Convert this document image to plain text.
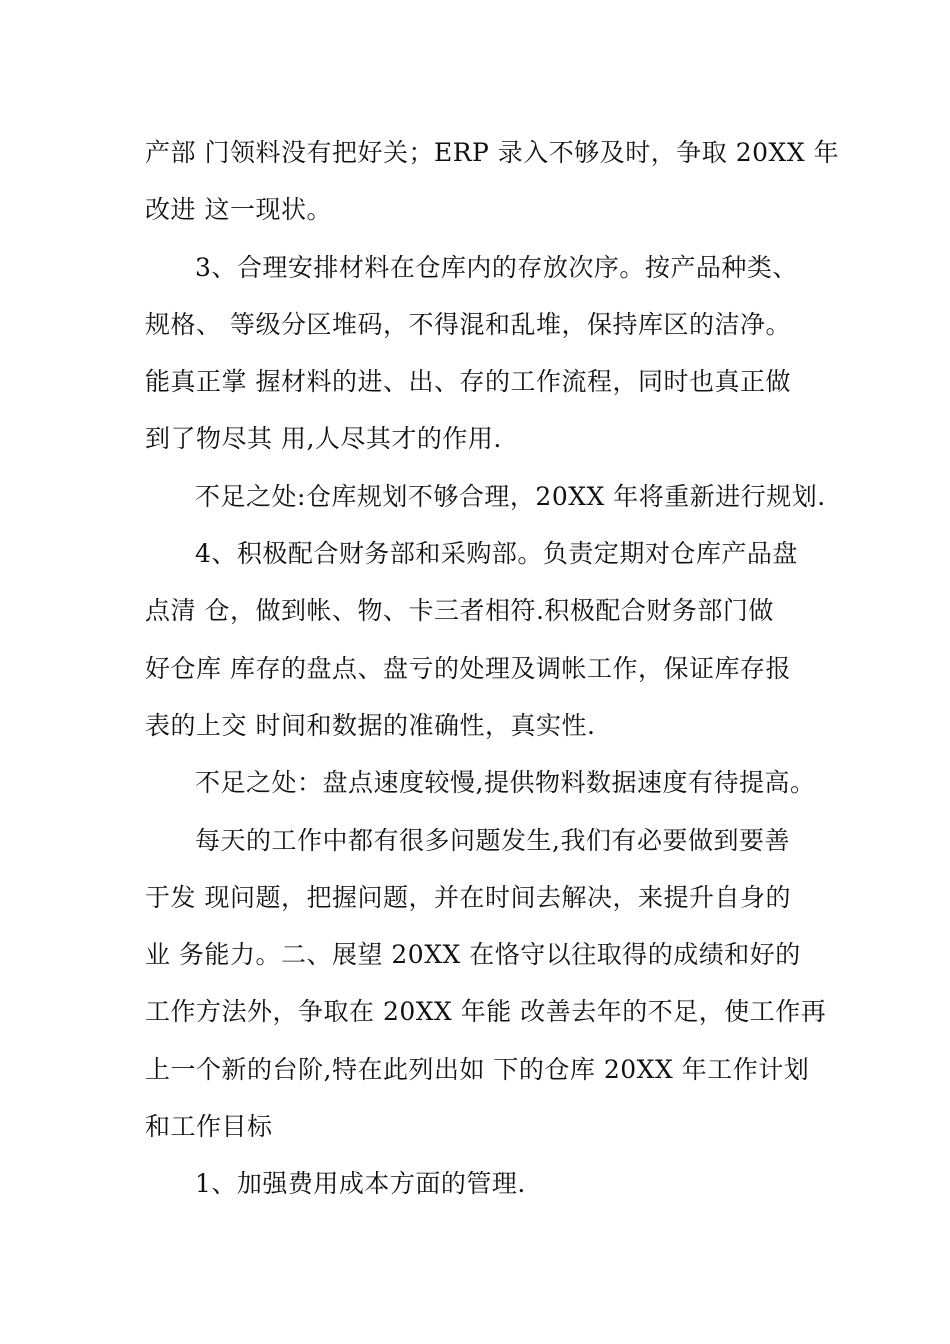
产部 门领料没有把好关；ERP 录入不够及时，争取 20XX 年
改进 这一现状。
3、合理安排材料在仓库内的存放次序。按产品种类、
规格、 等级分区堆码，不得混和乱堆，保持库区的洁净。
能真正掌 握材料的进、出、存的工作流程，同时也真正做
到了物尽其 用,人尽其才的作用.
不足之处:仓库规划不够合理，20XX 年将重新进行规划.
4、积极配合财务部和采购部。负责定期对仓库产品盘
点清 仓，做到帐、物、卡三者相符.积极配合财务部门做
好仓库 库存的盘点、盘亏的处理及调帐工作，保证库存报
表的上交 时间和数据的准确性，真实性.
不足之处：盘点速度较慢,提供物料数据速度有待提高。
每天的工作中都有很多问题发生,我们有必要做到要善
于发 现问题，把握问题，并在时间去解决，来提升自身的
业 务能力。二、展望 20XX 在恪守以往取得的成绩和好的
工作方法外，争取在 20XX 年能 改善去年的不足，使工作再
上一个新的台阶,特在此列出如 下的仓库 20XX 年工作计划
和工作目标
1、加强费用成本方面的管理.
